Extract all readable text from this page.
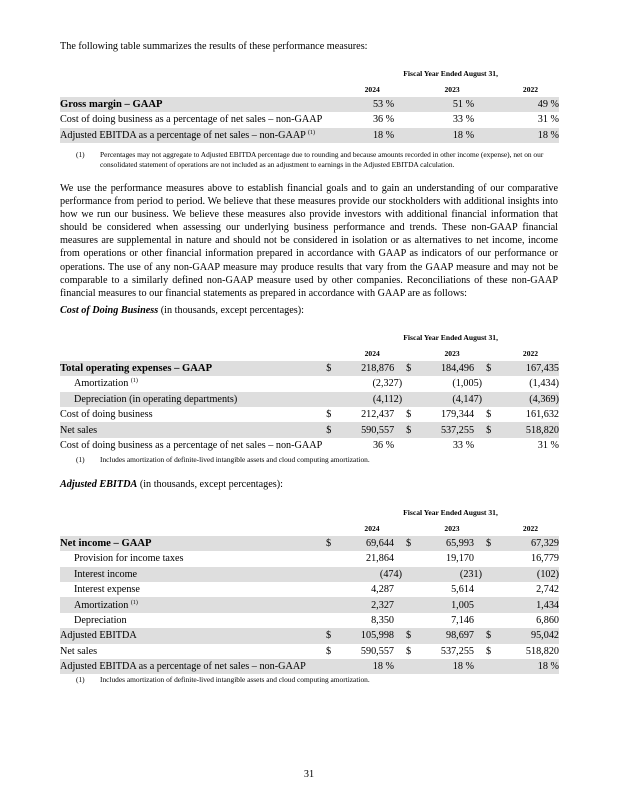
The following table summarizes the results of these performance measures:
		Fiscal Year Ended August 31,				
		2024		2023		2022
Gross margin – GAAP		53 %		51 %		49 %
Cost of doing business as a percentage of net sales – non-GAAP		36 %		33 %		31 %
Adjusted EBITDA as a percentage of net sales – non-GAAP $^{(1)}$		18 %		18 %		18 %
(1)	Percentages may not aggregate to Adjusted EBITDA percentage due to rounding and because amounts recorded in other income (expense), net on our consolidated statement of operations are not included as an adjustment to earnings in the Adjusted EBITDA calculation.
We use the performance measures above to establish financial goals and to gain an understanding of our comparative performance from period to period. We believe that these measures provide our stockholders with additional insights into how we run our business. We believe these measures also provide investors with additional financial information that should be considered when assessing our underlying business performance and trends. These non-GAAP financial measures are supplemental in nature and should not be considered in isolation or as alternatives to net income, income from operations or other financial information prepared in accordance with GAAP as indicators of our performance or operations. The use of any non-GAAP measure may produce results that vary from the GAAP measure and may not be comparable to a similarly defined non-GAAP measure used by other companies. Reconciliations of these non-GAAP financial measures to our financial statements as prepared in accordance with GAAP are as follows:
Cost of Doing Business (in thousands, except percentages):
		Fiscal Year Ended August 31,				
		2024		2023		2022
Total operating expenses – GAAP	$	218,876	$	184,496	$	167,435
Amortization $^{(1)}$		(2,327)		(1,005)		(1,434)
Depreciation (in operating departments)		(4,112)		(4,147)		(4,369)
Cost of doing business	$	212,437	$	179,344	$	161,632
Net sales	$	590,557	$	537,255	$	518,820
Cost of doing business as a percentage of net sales – non-GAAP		36 %		33 %		31 %
(1)	Includes amortization of definite-lived intangible assets and cloud computing amortization.
Adjusted EBITDA (in thousands, except percentages):
		Fiscal Year Ended August 31,				
		2024		2023		2022
Net income – GAAP	$	69,644	$	65,993	$	67,329
Provision for income taxes		21,864		19,170		16,779
Interest income		(474)		(231)		(102)
Interest expense		4,287		5,614		2,742
Amortization $^{(1)}$		2,327		1,005		1,434
Depreciation		8,350		7,146		6,860
Adjusted EBITDA	$	105,998	$	98,697	$	95,042
Net sales	$	590,557	$	537,255	$	518,820
Adjusted EBITDA as a percentage of net sales – non-GAAP		18 %		18 %		18 %
(1)	Includes amortization of definite-lived intangible assets and cloud computing amortization.
31
